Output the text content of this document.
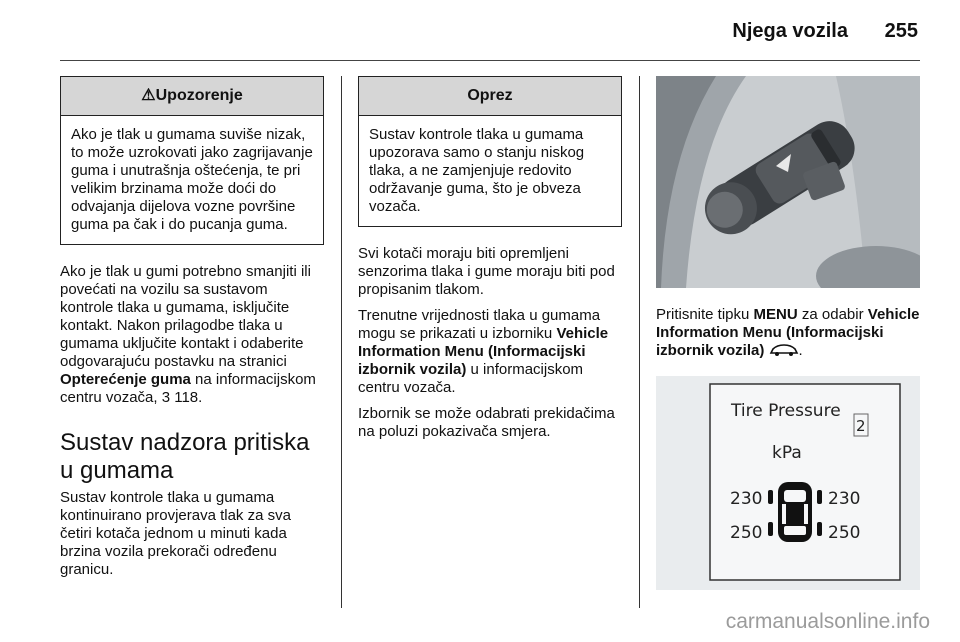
Njega vozila 255
⚠Upozorenje
Ako je tlak u gumama suviše nizak, to može uzrokovati jako zagrijavanje guma i unutrašnja oštećenja, te pri velikim brzinama može doći do odvajanja dijelova vozne površine guma pa čak i do pucanja guma.

Ako je tlak u gumi potrebno smanjiti ili povećati na vozilu sa sustavom kontrole tlaka u gumama, isključite kontakt. Nakon prilagodbe tlaka u gumama uključite kontakt i odaberite odgovarajuću postavku na stranici Opterećenje guma na informacijskom centru vozača, 3 118.

Sustav nadzora pritiska u gumama

Sustav kontrole tlaka u gumama kontinuirano provjerava tlak za sva četiri kotača jednom u minuti kada brzina vozila prekorači određenu granicu.

Oprez
Sustav kontrole tlaka u gumama upozorava samo o stanju niskog tlaka, a ne zamjenjuje redovito održavanje guma, što je obveza vozača.

Svi kotači moraju biti opremljeni senzorima tlaka i gume moraju biti pod propisanim tlakom.

Trenutne vrijednosti tlaka u gumama mogu se prikazati u izborniku Vehicle Information Menu (Informacijski izbornik vozila) u informacijskom centru vozača.

Izbornik se može odabrati prekidačima na poluzi pokazivača smjera.

Pritisnite tipku MENU za odabir Vehicle Information Menu (Informacijski izbornik vozila) .

Tire Pressure
2
kPa
230	230
250	250
carmanualsonline.info
